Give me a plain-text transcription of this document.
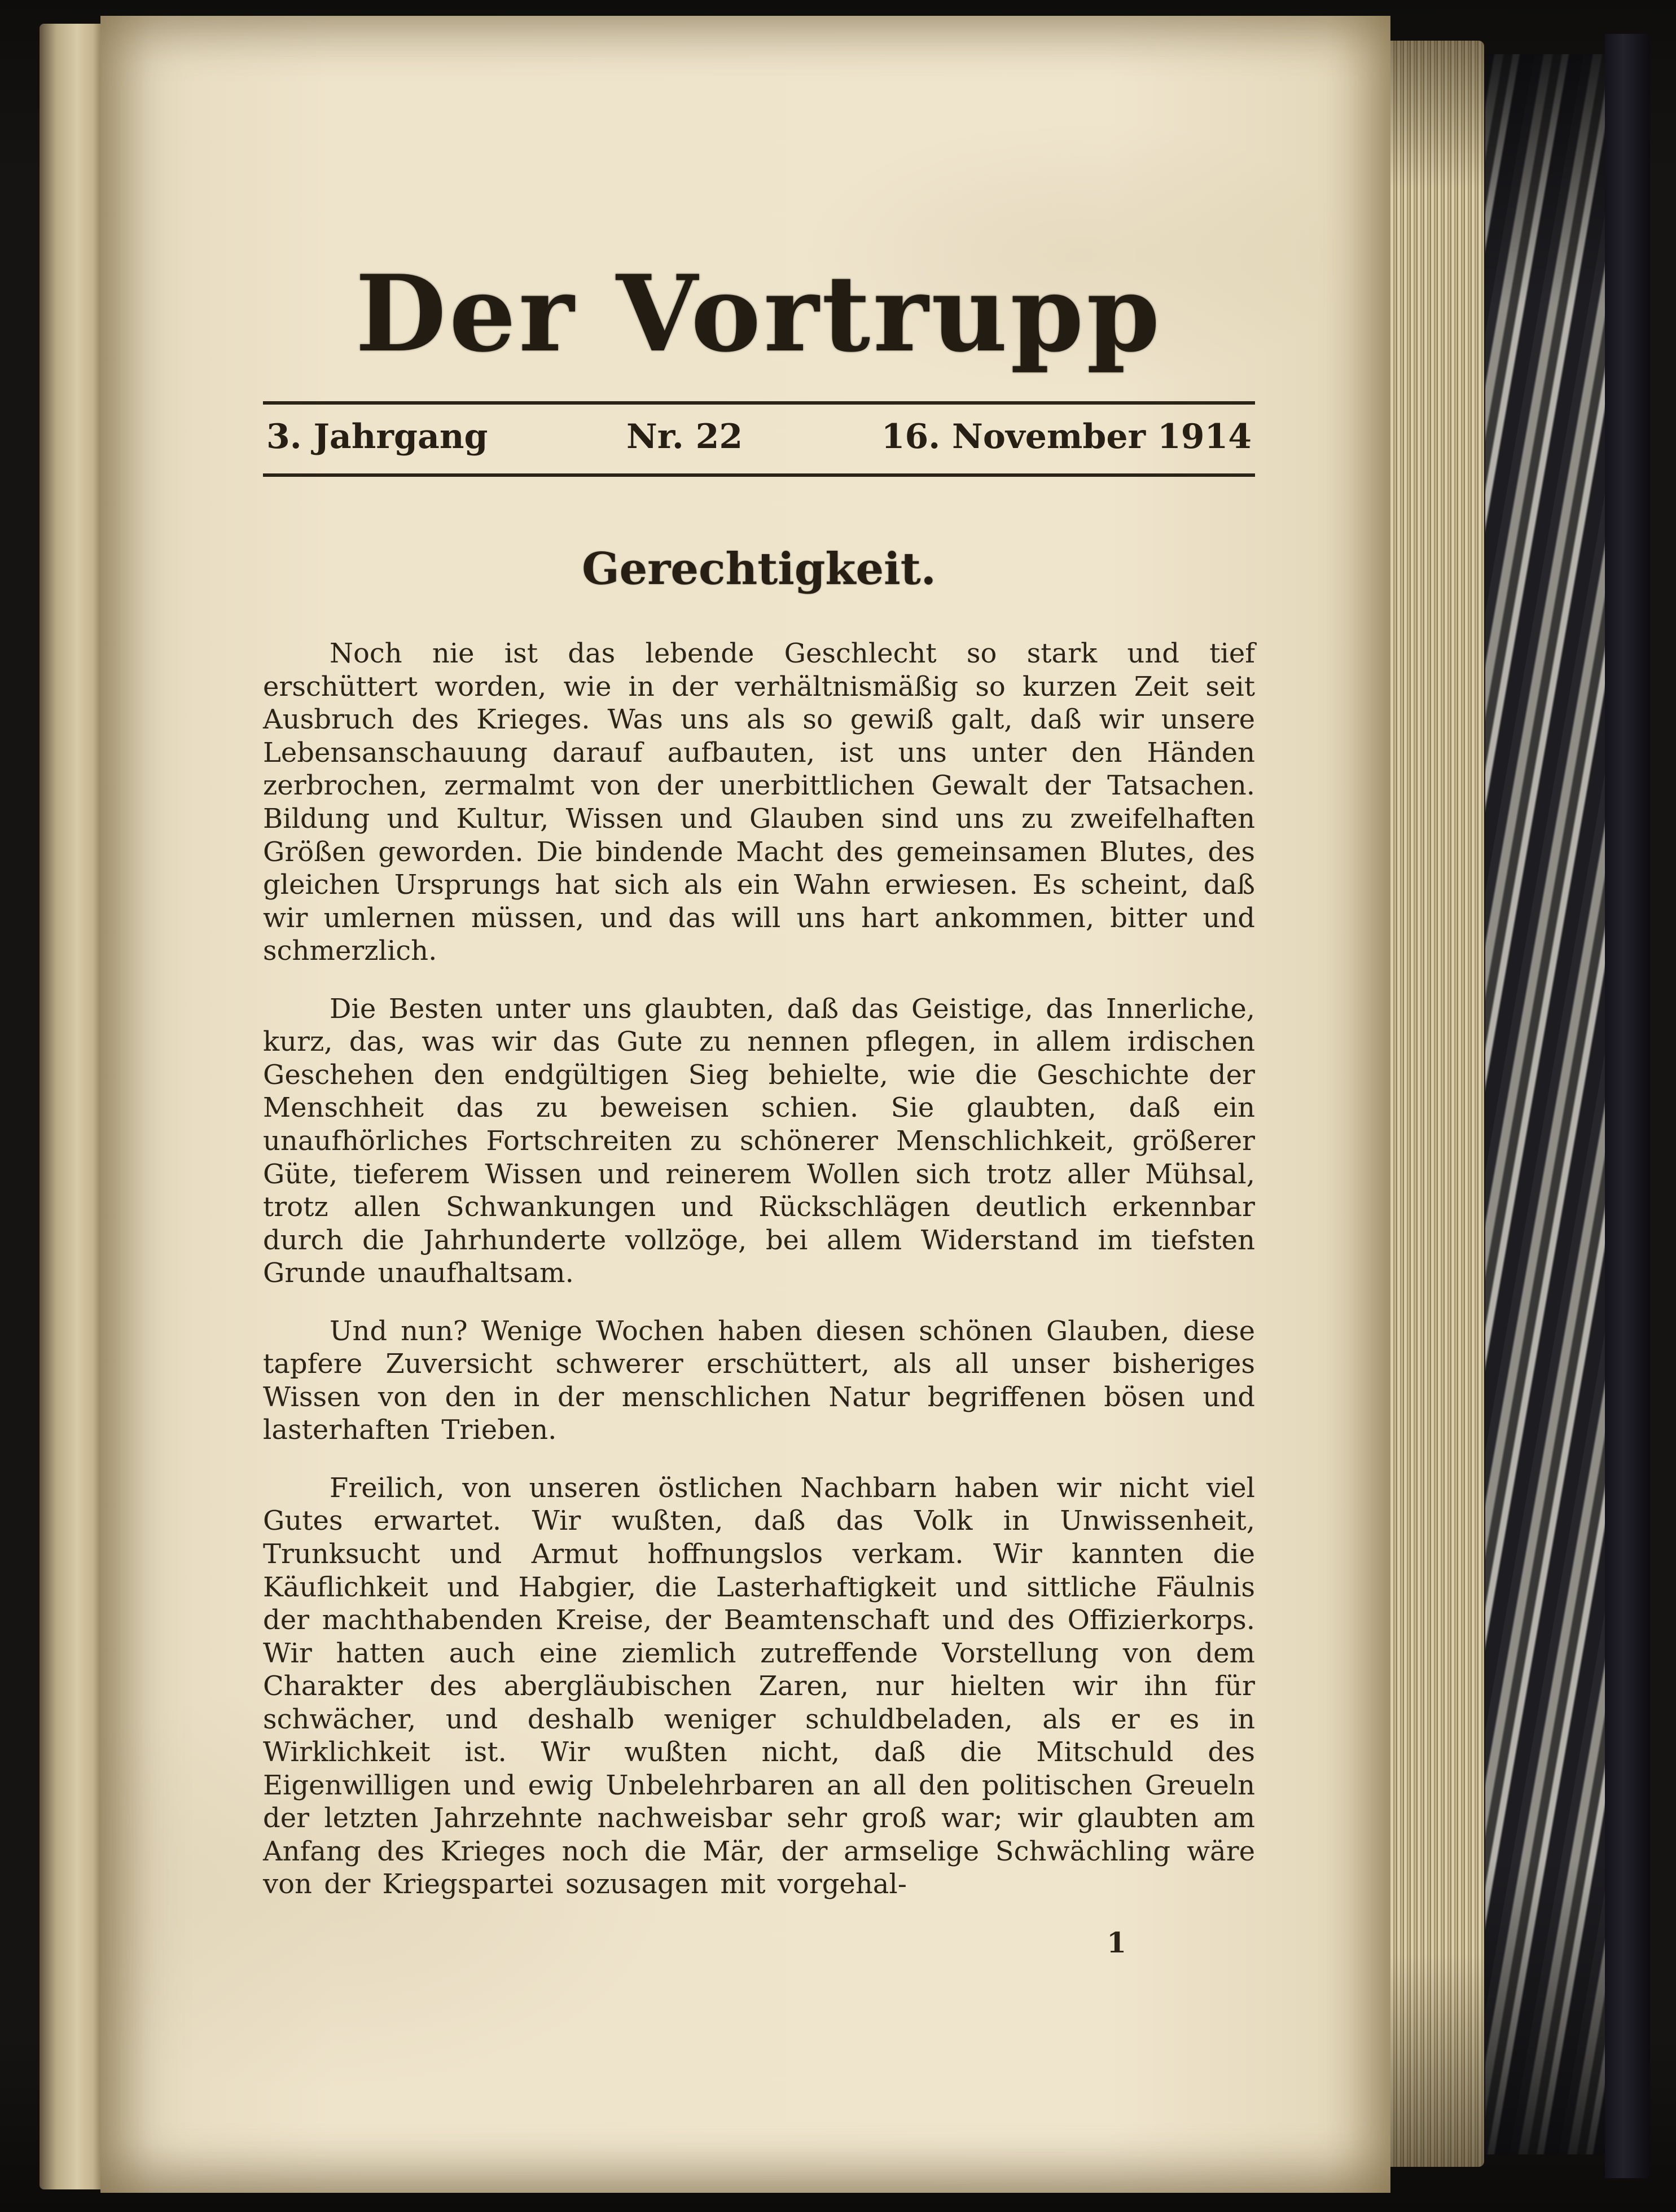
Der Vortrupp
3. Jahrgang	Nr. 22	16. November 1914
Gerechtigkeit.

Noch nie ist das lebende Geschlecht so stark und tief erschüttert worden, wie in der verhältnismäßig so kurzen Zeit seit Ausbruch des Krieges. Was uns als so gewiß galt, daß wir unsere Lebensanschauung darauf aufbauten, ist uns unter den Händen zerbrochen, zermalmt von der unerbittlichen Gewalt der Tatsachen. Bildung und Kultur, Wissen und Glauben sind uns zu zweifelhaften Größen geworden. Die bindende Macht des gemeinsamen Blutes, des gleichen Ursprungs hat sich als ein Wahn erwiesen. Es scheint, daß wir umlernen müssen, und das will uns hart ankommen, bitter und schmerzlich.

Die Besten unter uns glaubten, daß das Geistige, das Innerliche, kurz, das, was wir das Gute zu nennen pflegen, in allem irdischen Geschehen den endgültigen Sieg behielte, wie die Geschichte der Menschheit das zu beweisen schien. Sie glaubten, daß ein unaufhörliches Fortschreiten zu schönerer Menschlichkeit, größerer Güte, tieferem Wissen und reinerem Wollen sich trotz aller Mühsal, trotz allen Schwankungen und Rückschlägen deutlich erkennbar durch die Jahrhunderte vollzöge, bei allem Widerstand im tiefsten Grunde unaufhaltsam.

Und nun? Wenige Wochen haben diesen schönen Glauben, diese tapfere Zuversicht schwerer erschüttert, als all unser bisheriges Wissen von den in der menschlichen Natur begriffenen bösen und lasterhaften Trieben.

Freilich, von unseren östlichen Nachbarn haben wir nicht viel Gutes erwartet. Wir wußten, daß das Volk in Unwissenheit, Trunksucht und Armut hoffnungslos verkam. Wir kannten die Käuflichkeit und Habgier, die Lasterhaftigkeit und sittliche Fäulnis der machthabenden Kreise, der Beamtenschaft und des Offizierkorps. Wir hatten auch eine ziemlich zutreffende Vorstellung von dem Charakter des abergläubischen Zaren, nur hielten wir ihn für schwächer, und deshalb weniger schuldbeladen, als er es in Wirklichkeit ist. Wir wußten nicht, daß die Mitschuld des Eigenwilligen und ewig Unbelehrbaren an all den politischen Greueln der letzten Jahrzehnte nachweisbar sehr groß war; wir glaubten am Anfang des Krieges noch die Mär, der armselige Schwächling wäre von der Kriegspartei sozusagen mit vorgehal-

1
